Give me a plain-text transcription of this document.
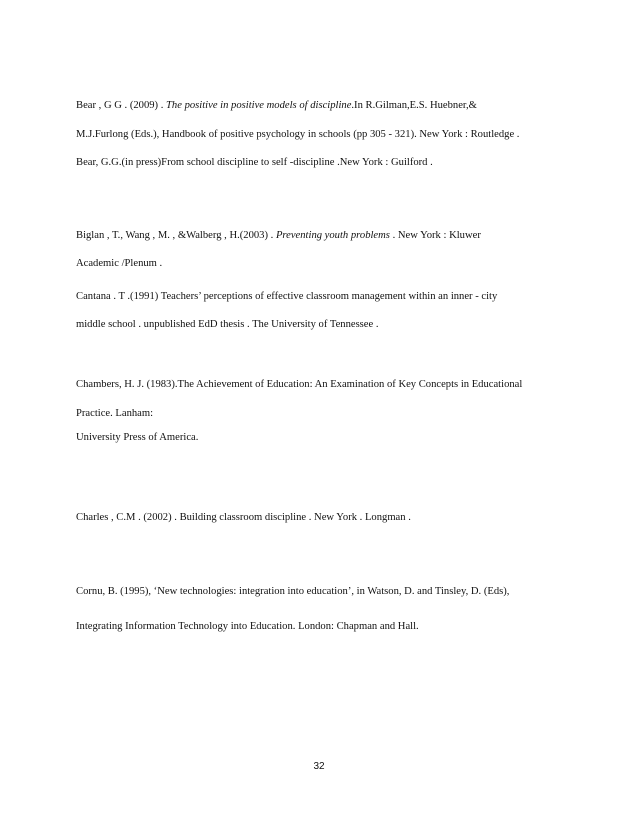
Bear , G G . (2009) . The positive in positive models of discipline.In R.Gilman,E.S. Huebner,&
M.J.Furlong (Eds.), Handbook of positive psychology in schools (pp 305 - 321). New York : Routledge .
Bear, G.G.(in press)From school discipline to self -discipline .New York : Guilford .
Biglan , T., Wang , M. , &Walberg , H.(2003) . Preventing youth problems . New York : Kluwer
Academic /Plenum .
Cantana . T .(1991) Teachers’ perceptions of effective classroom management within an inner - city
middle school . unpublished EdD thesis . The University of Tennessee .
Chambers, H. J. (1983).The Achievement of Education: An Examination of Key Concepts in Educational
Practice. Lanham:
University Press of America.
Charles , C.M . (2002) . Building classroom discipline . New York . Longman .
Cornu, B. (1995), ‘New technologies: integration into education’, in Watson, D. and Tinsley, D. (Eds),
Integrating Information Technology into Education. London: Chapman and Hall.
32
